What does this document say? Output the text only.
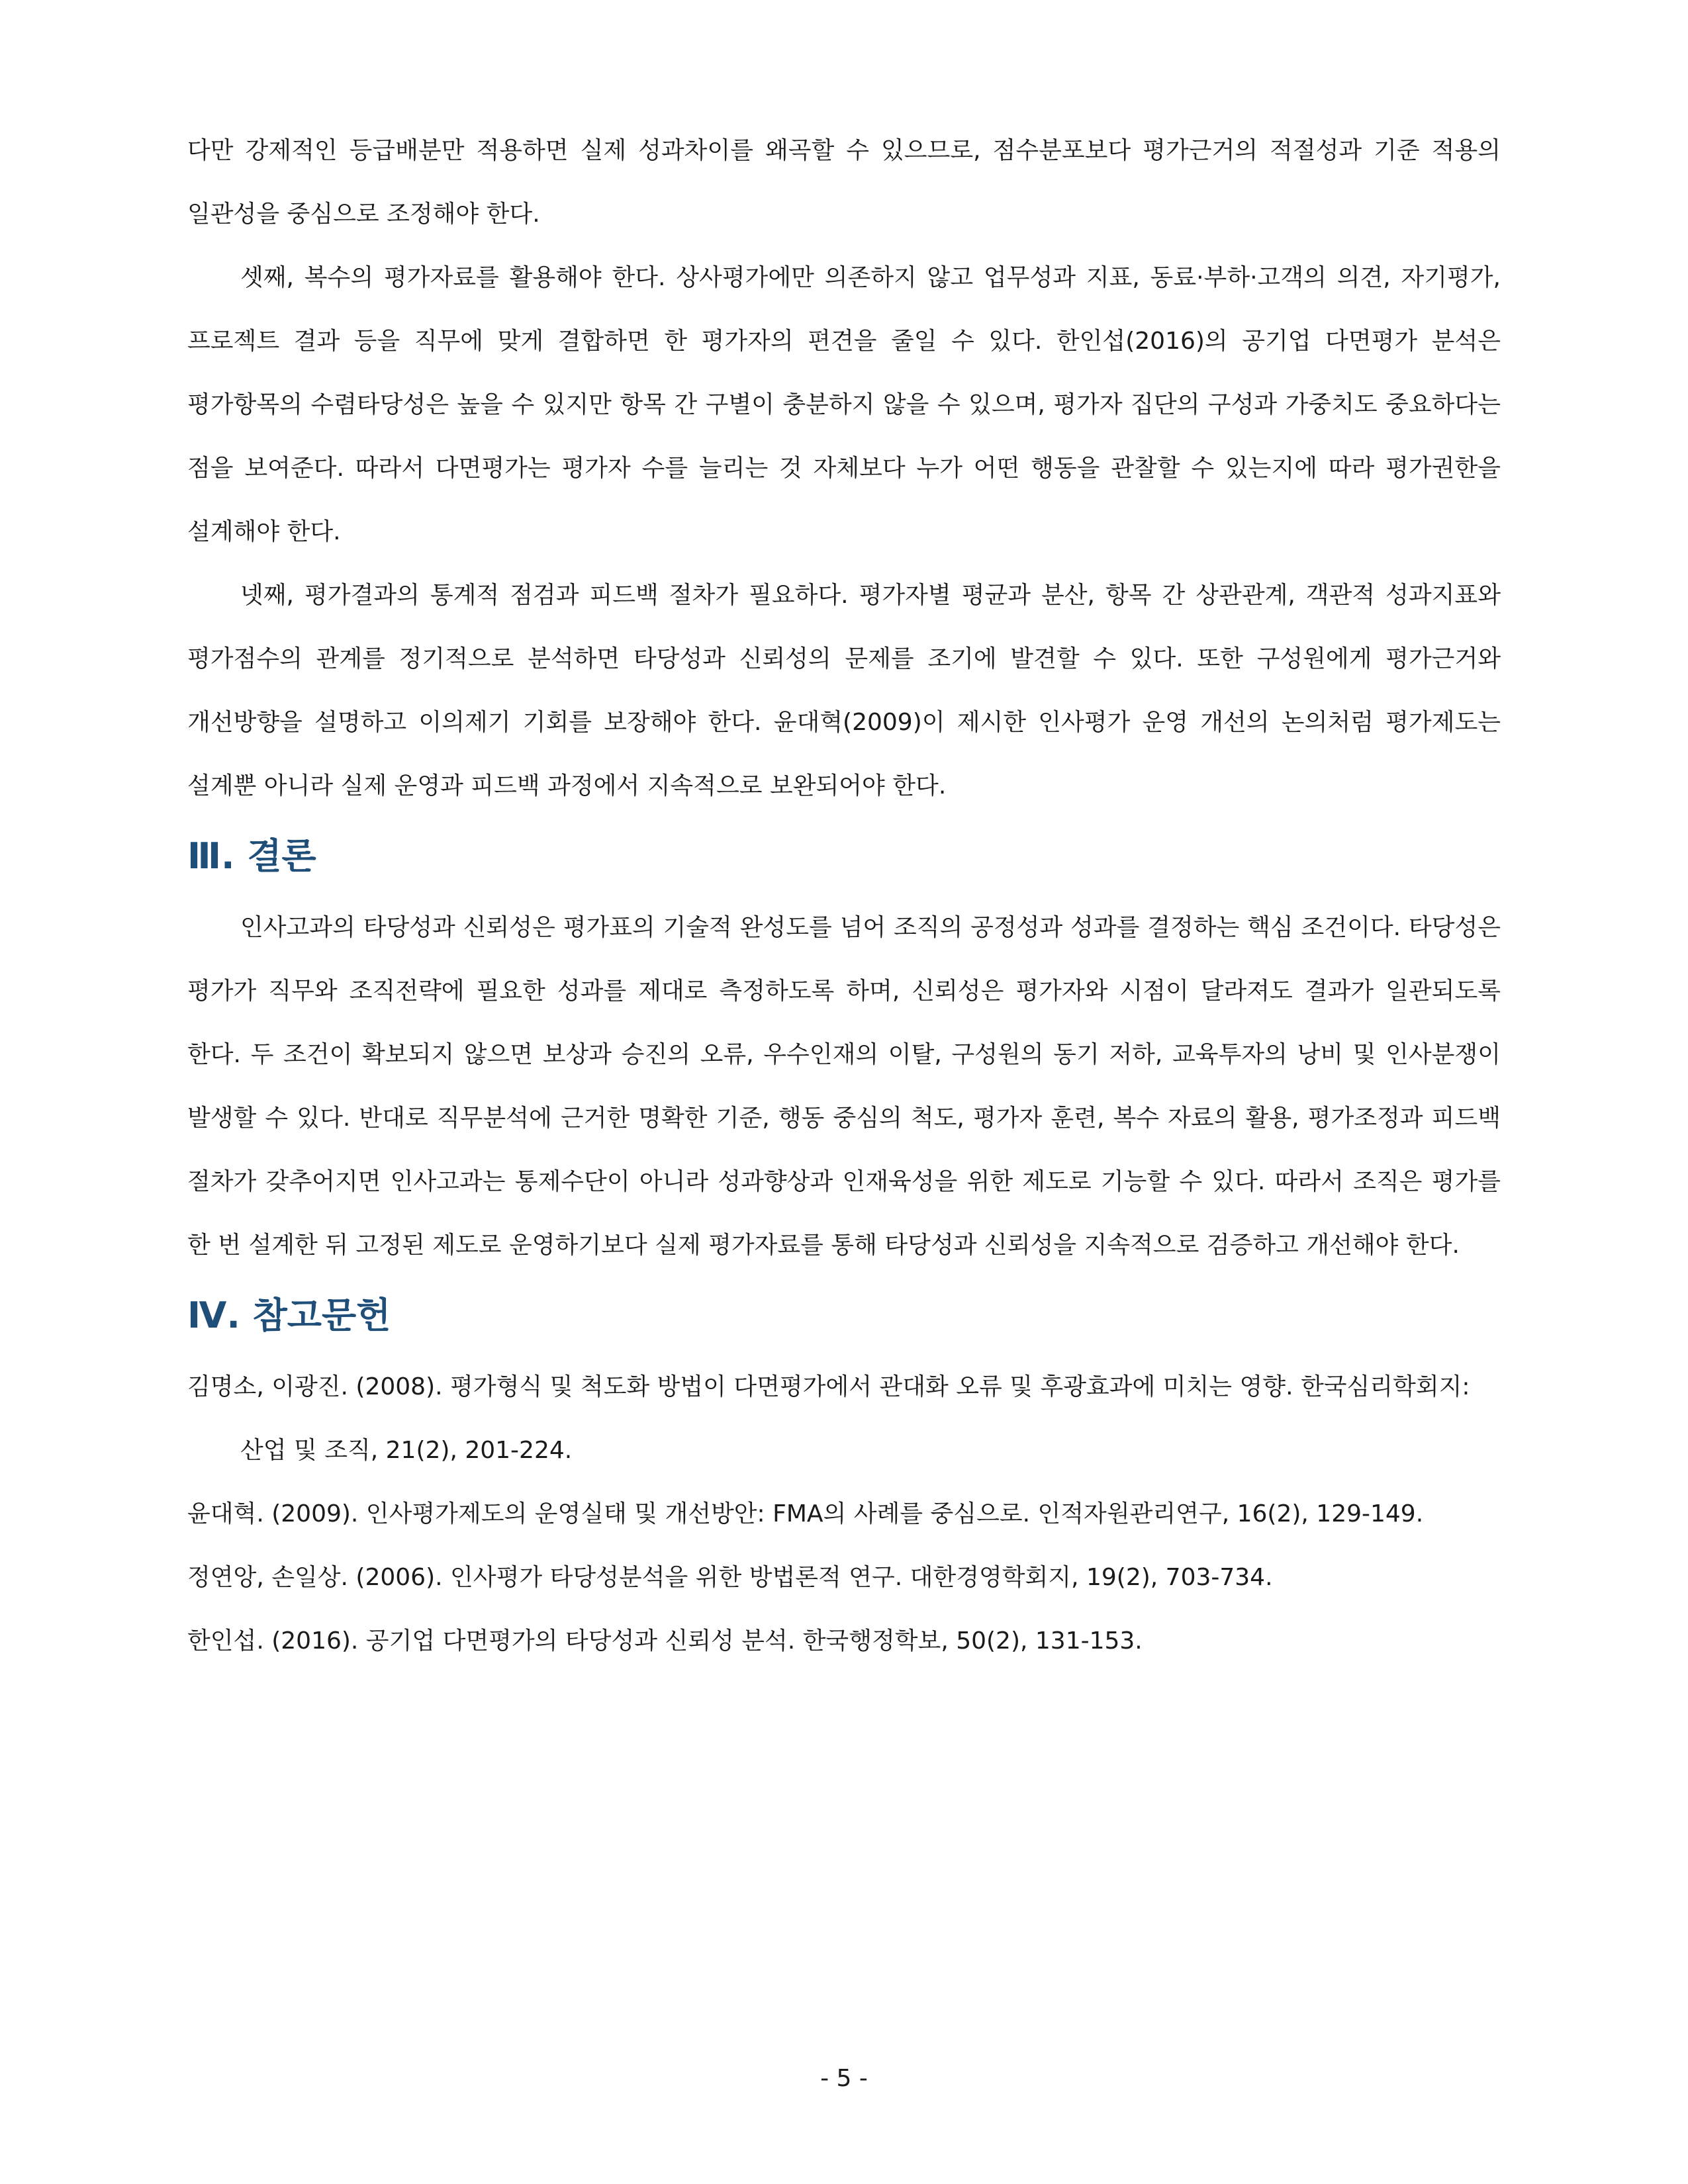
다만 강제적인 등급배분만 적용하면 실제 성과차이를 왜곡할 수 있으므로, 점수분포보다 평가근거의 적절성과 기준 적용의 일관성을 중심으로 조정해야 한다.

셋째, 복수의 평가자료를 활용해야 한다. 상사평가에만 의존하지 않고 업무성과 지표, 동료·부하·고객의 의견, 자기평가, 프로젝트 결과 등을 직무에 맞게 결합하면 한 평가자의 편견을 줄일 수 있다. 한인섭(2016)의 공기업 다면평가 분석은 평가항목의 수렴타당성은 높을 수 있지만 항목 간 구별이 충분하지 않을 수 있으며, 평가자 집단의 구성과 가중치도 중요하다는 점을 보여준다. 따라서 다면평가는 평가자 수를 늘리는 것 자체보다 누가 어떤 행동을 관찰할 수 있는지에 따라 평가권한을 설계해야 한다.

넷째, 평가결과의 통계적 점검과 피드백 절차가 필요하다. 평가자별 평균과 분산, 항목 간 상관관계, 객관적 성과지표와 평가점수의 관계를 정기적으로 분석하면 타당성과 신뢰성의 문제를 조기에 발견할 수 있다. 또한 구성원에게 평가근거와 개선방향을 설명하고 이의제기 기회를 보장해야 한다. 윤대혁(2009)이 제시한 인사평가 운영 개선의 논의처럼 평가제도는 설계뿐 아니라 실제 운영과 피드백 과정에서 지속적으로 보완되어야 한다.

Ⅲ. 결론

인사고과의 타당성과 신뢰성은 평가표의 기술적 완성도를 넘어 조직의 공정성과 성과를 결정하는 핵심 조건이다. 타당성은 평가가 직무와 조직전략에 필요한 성과를 제대로 측정하도록 하며, 신뢰성은 평가자와 시점이 달라져도 결과가 일관되도록 한다. 두 조건이 확보되지 않으면 보상과 승진의 오류, 우수인재의 이탈, 구성원의 동기 저하, 교육투자의 낭비 및 인사분쟁이 발생할 수 있다. 반대로 직무분석에 근거한 명확한 기준, 행동 중심의 척도, 평가자 훈련, 복수 자료의 활용, 평가조정과 피드백 절차가 갖추어지면 인사고과는 통제수단이 아니라 성과향상과 인재육성을 위한 제도로 기능할 수 있다. 따라서 조직은 평가를 한 번 설계한 뒤 고정된 제도로 운영하기보다 실제 평가자료를 통해 타당성과 신뢰성을 지속적으로 검증하고 개선해야 한다.

Ⅳ. 참고문헌

김명소, 이광진. (2008). 평가형식 및 척도화 방법이 다면평가에서 관대화 오류 및 후광효과에 미치는 영향. 한국심리학회지: 산업 및 조직, 21(2), 201-224.

윤대혁. (2009). 인사평가제도의 운영실태 및 개선방안: FMA의 사례를 중심으로. 인적자원관리연구, 16(2), 129-149.

정연앙, 손일상. (2006). 인사평가 타당성분석을 위한 방법론적 연구. 대한경영학회지, 19(2), 703-734.

한인섭. (2016). 공기업 다면평가의 타당성과 신뢰성 분석. 한국행정학보, 50(2), 131-153.

- 5 -
